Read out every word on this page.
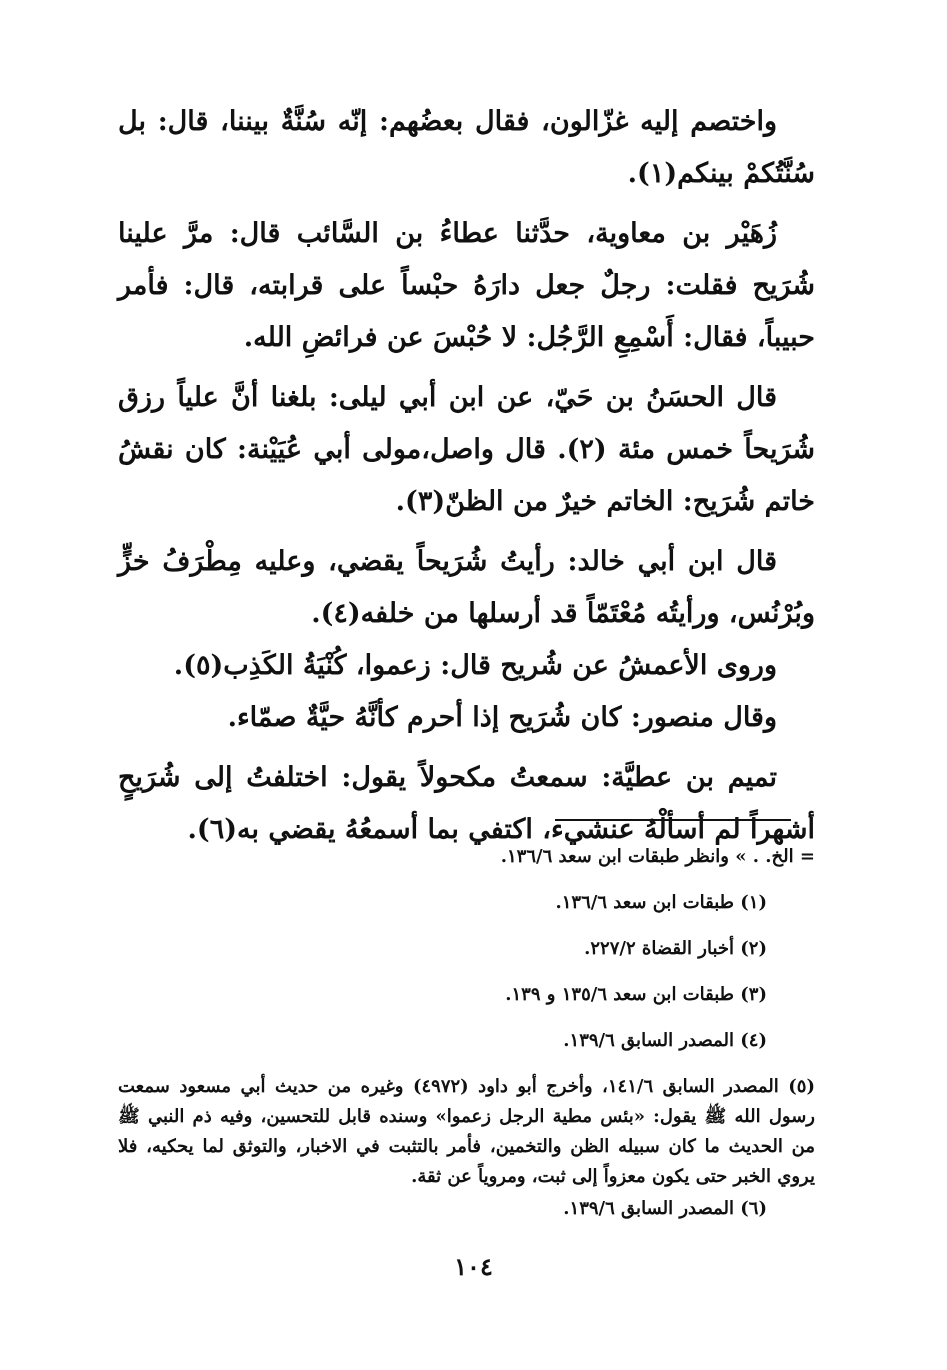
واختصم إليه غزّالون، فقال بعضُهم: إنّه سُنَّةٌ بيننا، قال: بل سُنَّتُكمْ بينكم(١).

زُهَيْر بن معاوية، حدَّثنا عطاءُ بن السَّائب قال: مرَّ علينا شُرَيح فقلت: رجلٌ جعل دارَهُ حبْساً على قرابته، قال: فأمر حبيباً، فقال: أَسْمِعِ الرَّجُل: لا حُبْسَ عن فرائضِ الله.

قال الحسَنُ بن حَيّ، عن ابن أبي ليلى: بلغنا أنَّ علياً رزق شُرَيحاً خمس مئة (٢). قال واصل،مولى أبي عُيَيْنة: كان نقشُ خاتم شُرَيح: الخاتم خيرٌ من الظنّ(٣).

قال ابن أبي خالد: رأيتُ شُرَيحاً يقضي، وعليه مِطْرَفُ خزٍّ وبُرْنُس، ورأيتُه مُعْتَمّاً قد أرسلها من خلفه(٤).

وروى الأعمشُ عن شُريح قال: زعموا، كُنْيَةُ الكَذِب(٥).

وقال منصور: كان شُرَيح إذا أحرم كأنَّهُ حيَّةٌ صمّاء.

تميم بن عطيَّة: سمعتُ مكحولاً يقول: اختلفتُ إلى شُرَيحٍ أشهراً لم أسألْهُ عنشيء، اكتفي بما أسمعُهُ يقضي به(٦).

= الخ. . » وانظر طبقات ابن سعد ١٣٦/٦.

(١) طبقات ابن سعد ١٣٦/٦.

(٢) أخبار القضاة ٢٢٧/٢.

(٣) طبقات ابن سعد ١٣٥/٦ و ١٣٩.

(٤) المصدر السابق ١٣٩/٦.

(٥) المصدر السابق ١٤١/٦، وأخرج أبو داود (٤٩٧٢) وغيره من حديث أبي مسعود سمعت رسول الله ﷺ يقول: «بئس مطية الرجل زعموا» وسنده قابل للتحسين، وفيه ذم النبي ﷺ من الحديث ما كان سبيله الظن والتخمين، فأمر بالتثبت في الاخبار، والتوثق لما يحكيه، فلا يروي الخبر حتى يكون معزواً إلى ثبت، ومروياً عن ثقة.

(٦) المصدر السابق ١٣٩/٦.

١٠٤
